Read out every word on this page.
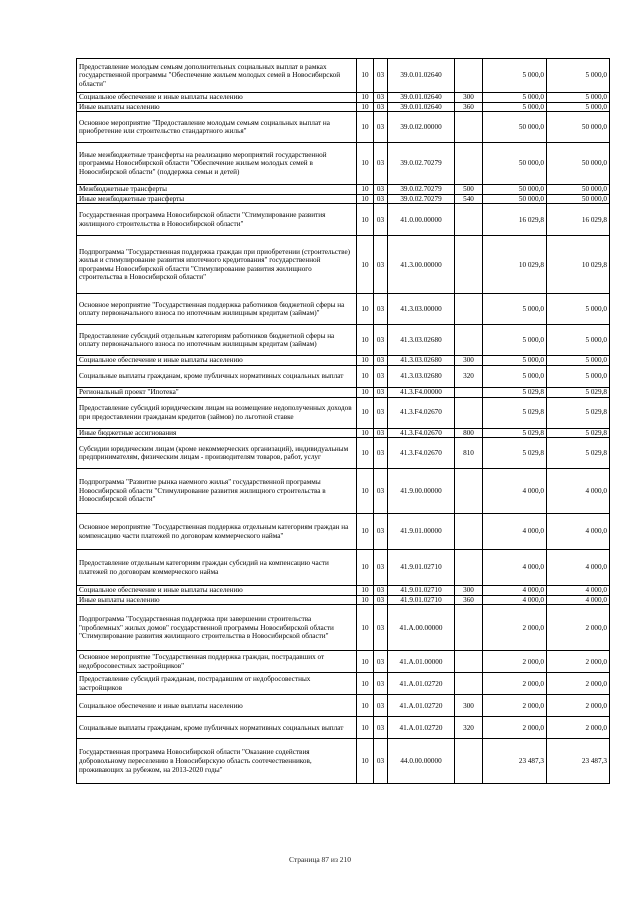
Предоставление молодым семьям дополнительных социальных выплат в рамках государственной программы "Обеспечение жильем молодых семей в Новосибирской области"	10	03	39.0.01.02640		5 000,0	5 000,0
Социальное обеспечение и иные выплаты населению	10	03	39.0.01.02640	300	5 000,0	5 000,0
Иные выплаты населению	10	03	39.0.01.02640	360	5 000,0	5 000,0
Основное мероприятие "Предоставление молодым семьям социальных выплат на приобретение или строительство стандартного жилья"	10	03	39.0.02.00000		50 000,0	50 000,0
Иные межбюджетные трансферты на реализацию мероприятий государственной программы Новосибирской области "Обеспечение жильем молодых семей в Новосибирской области" (поддержка семьи и детей)	10	03	39.0.02.70279		50 000,0	50 000,0
Межбюджетные трансферты	10	03	39.0.02.70279	500	50 000,0	50 000,0
Иные межбюджетные трансферты	10	03	39.0.02.70279	540	50 000,0	50 000,0
Государственная программа Новосибирской области "Стимулирование развития жилищного строительства в Новосибирской области"	10	03	41.0.00.00000		16 029,8	16 029,8
Подпрограмма "Государственная поддержка граждан при приобретении (строительстве) жилья и стимулирование развития ипотечного кредитования" государственной программы Новосибирской области "Стимулирование развития жилищного строительства в Новосибирской области"	10	03	41.3.00.00000		10 029,8	10 029,8
Основное мероприятие "Государственная поддержка работников бюджетной сферы на оплату первоначального взноса по ипотечным жилищным кредитам (займам)"	10	03	41.3.03.00000		5 000,0	5 000,0
Предоставление субсидий отдельным категориям работников бюджетной сферы на оплату первоначального взноса по ипотечным жилищным кредитам (займам)	10	03	41.3.03.02680		5 000,0	5 000,0
Социальное обеспечение и иные выплаты населению	10	03	41.3.03.02680	300	5 000,0	5 000,0
Социальные выплаты гражданам, кроме публичных нормативных социальных выплат	10	03	41.3.03.02680	320	5 000,0	5 000,0
Региональный проект "Ипотека"	10	03	41.3.F4.00000		5 029,8	5 029,8
Предоставление субсидий юридическим лицам на возмещение недополученных доходов при предоставлении гражданам кредитов (займов) по льготной ставке	10	03	41.3.F4.02670		5 029,8	5 029,8
Иные бюджетные ассигнования	10	03	41.3.F4.02670	800	5 029,8	5 029,8
Субсидии юридическим лицам (кроме некоммерческих организаций), индивидуальным предпринимателям, физическим лицам - производителям товаров, работ, услуг	10	03	41.3.F4.02670	810	5 029,8	5 029,8
Подпрограмма "Развитие рынка наемного жилья" государственной программы Новосибирской области "Стимулирование развития жилищного строительства в Новосибирской области"	10	03	41.9.00.00000		4 000,0	4 000,0
Основное мероприятие "Государственная поддержка отдельным категориям граждан на компенсацию части платежей по договорам коммерческого найма"	10	03	41.9.01.00000		4 000,0	4 000,0
Предоставление отдельным категориям граждан субсидий на компенсацию части платежей по договорам коммерческого найма	10	03	41.9.01.02710		4 000,0	4 000,0
Социальное обеспечение и иные выплаты населению	10	03	41.9.01.02710	300	4 000,0	4 000,0
Иные выплаты населению	10	03	41.9.01.02710	360	4 000,0	4 000,0
Подпрограмма "Государственная поддержка при завершении строительства "проблемных" жилых домов" государственной программы Новосибирской области "Стимулирование развития жилищного строительства в Новосибирской области"	10	03	41.А.00.00000		2 000,0	2 000,0
Основное мероприятие "Государственная поддержка граждан, пострадавших от недобросовестных застройщиков"	10	03	41.А.01.00000		2 000,0	2 000,0
Предоставление субсидий гражданам, пострадавшим от недобросовестных застройщиков	10	03	41.А.01.02720		2 000,0	2 000,0
Социальное обеспечение и иные выплаты населению	10	03	41.А.01.02720	300	2 000,0	2 000,0
Социальные выплаты гражданам, кроме публичных нормативных социальных выплат	10	03	41.А.01.02720	320	2 000,0	2 000,0
Государственная программа Новосибирской области "Оказание содействия добровольному переселению в Новосибирскую область соотечественников, проживающих за рубежом, на 2013-2020 годы"	10	03	44.0.00.00000		23 487,3	23 487,3
Страница 87 из 210
